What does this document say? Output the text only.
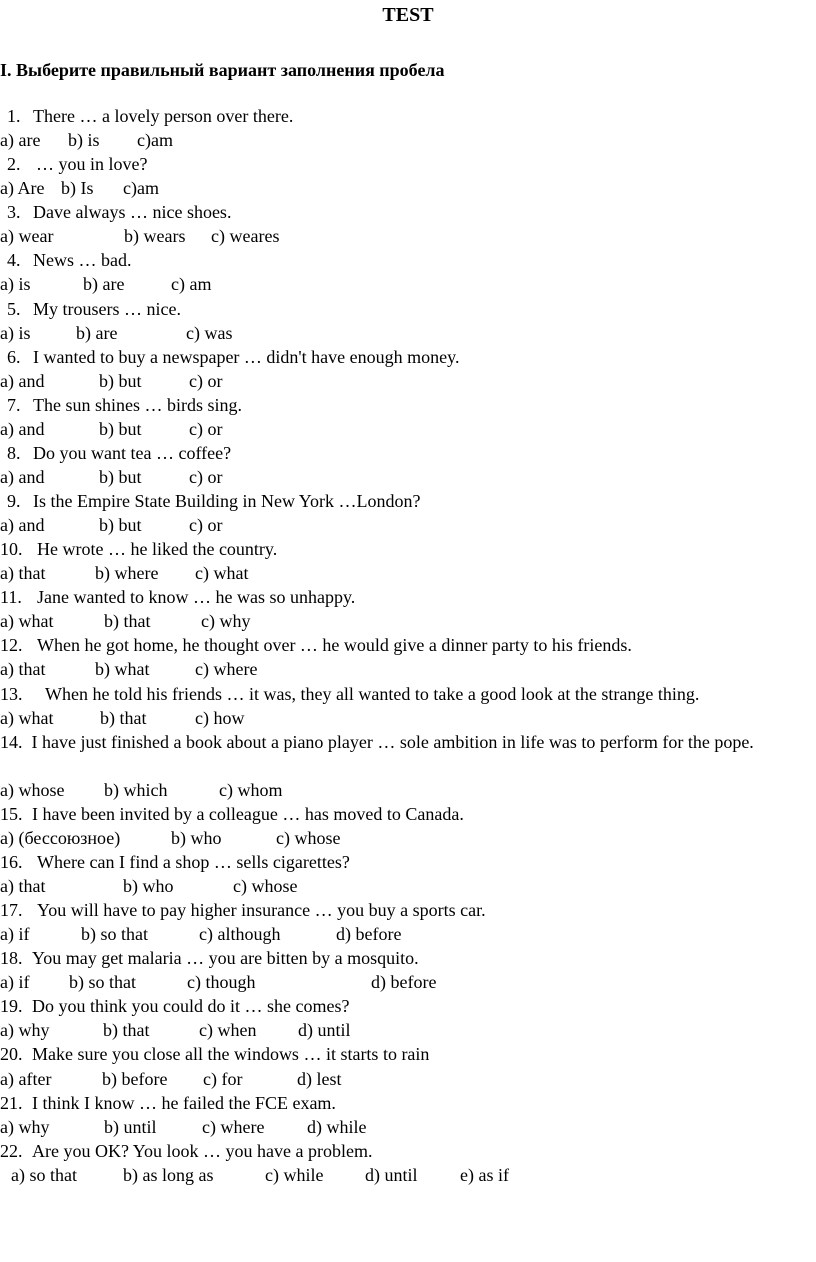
TEST
I. Выберите правильный вариант заполнения пробела
1. There … a lovely person over there.
a) are b) is c)am
2. … you in love?
a) Are b) Is c)am
3. Dave always … nice shoes.
a) wear	b) wears c) weares
4. News … bad.
a) is	b) are	c) am
5. My trousers … nice.
a) is	b) are	c) was
6. I wanted to buy a newspaper … didn't have enough money.
a) and	b) but	c) or
7. The sun shines … birds sing.
a) and	b) but	c) or
8. Do you want tea … coffee?
a) and	b) but	c) or
9. Is the Empire State Building in New York …London?
a) and	b) but	c) or
10. He wrote … he liked the country.
a) that	b) where c) what
11. Jane wanted to know … he was so unhappy.
a) what	b) that	c) why
12. When he got home, he thought over … he would give a dinner party to his friends.
a) that	b) what	c) where
13. When he told his friends … it was, they all wanted to take a good look at the strange thing.
a) what	b) that	c) how
14. I have just finished a book about a piano player … sole ambition in life was to perform for the pope.
a) whose b) which	c) whom
15. I have been invited by a colleague … has moved to Canada.
a) (бессоюзное)	b) who	c) whose
16. Where can I find a shop … sells cigarettes?
a) that	b) who	c) whose
17. You will have to pay higher insurance … you buy a sports car.
a) if	b) so that	c) although	d) before
18. You may get malaria … you are bitten by a mosquito.
a) if b) so that	c) though	d) before
19. Do you think you could do it … she comes?
a) why	b) that	c) when d) until
20. Make sure you close all the windows … it starts to rain
a) after	b) before c) for	d) lest
21. I think I know … he failed the FCE exam.
a) why	b) until	c) where d) while
22. Are you OK? You look … you have a problem.
a) so that	b) as long as	c) while d) until e) as if
